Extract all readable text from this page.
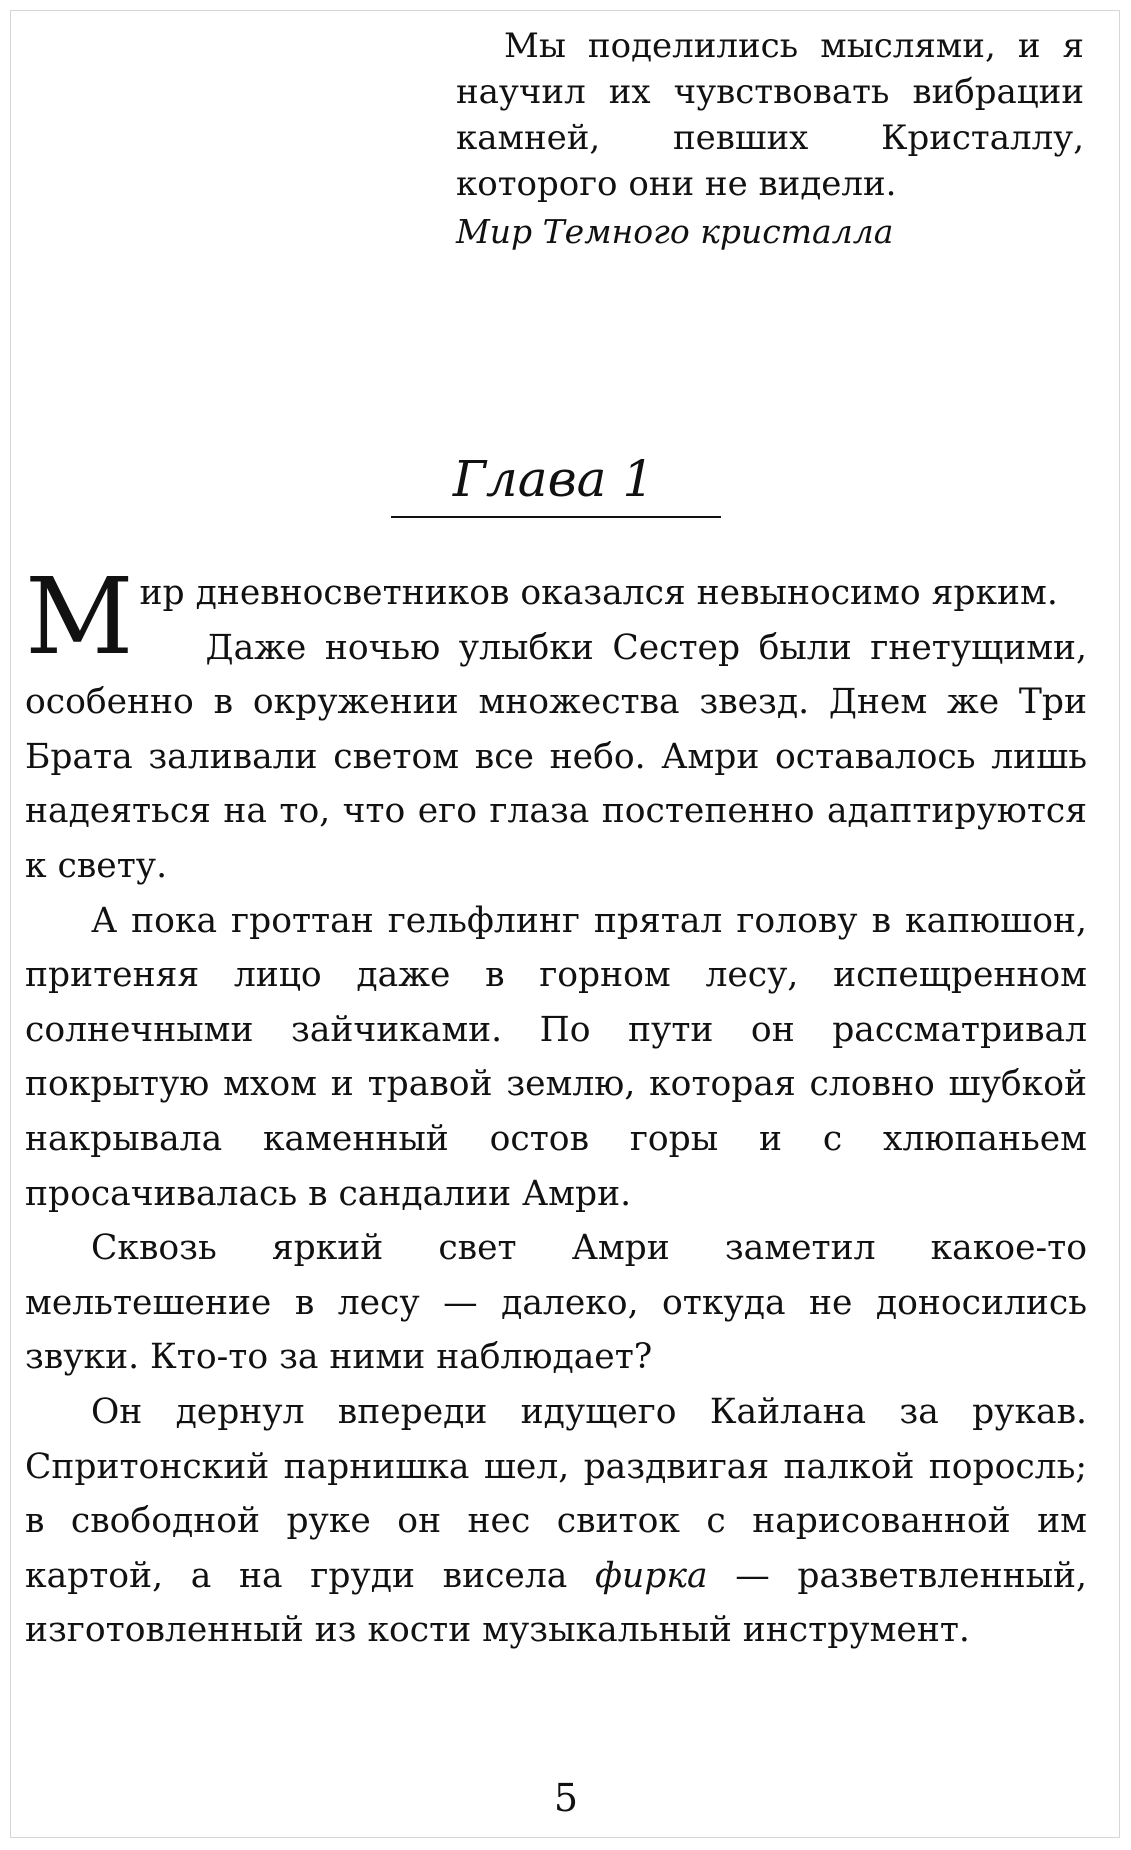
Мы поделились мыслями, и я научил их чувствовать вибрации камней, певших Кристаллу, которого они не видели.

Мир Темного кристалла

Глава 1

Мир дневносветников оказался невыносимо ярким.

Даже ночью улыбки Сестер были гнетущими, особенно в окружении множества звезд. Днем же Три Брата заливали светом все небо. Амри оставалось лишь надеяться на то, что его глаза постепенно адаптируются к свету.

А пока гроттан гельфлинг прятал голову в капюшон, притеняя лицо даже в горном лесу, испещренном солнечными зайчиками. По пути он рассматривал покрытую мхом и травой землю, которая словно шубкой накрывала каменный остов горы и с хлюпаньем просачивалась в сандалии Амри.

Сквозь яркий свет Амри заметил какое-то мельтешение в лесу — далеко, откуда не доносились звуки. Кто-то за ними наблюдает?

Он дернул впереди идущего Кайлана за рукав. Спритонский парнишка шел, раздвигая палкой поросль; в свободной руке он нес свиток с нарисованной им картой, а на груди висела фирка — разветвленный, изготовленный из кости музыкальный инструмент.

5
